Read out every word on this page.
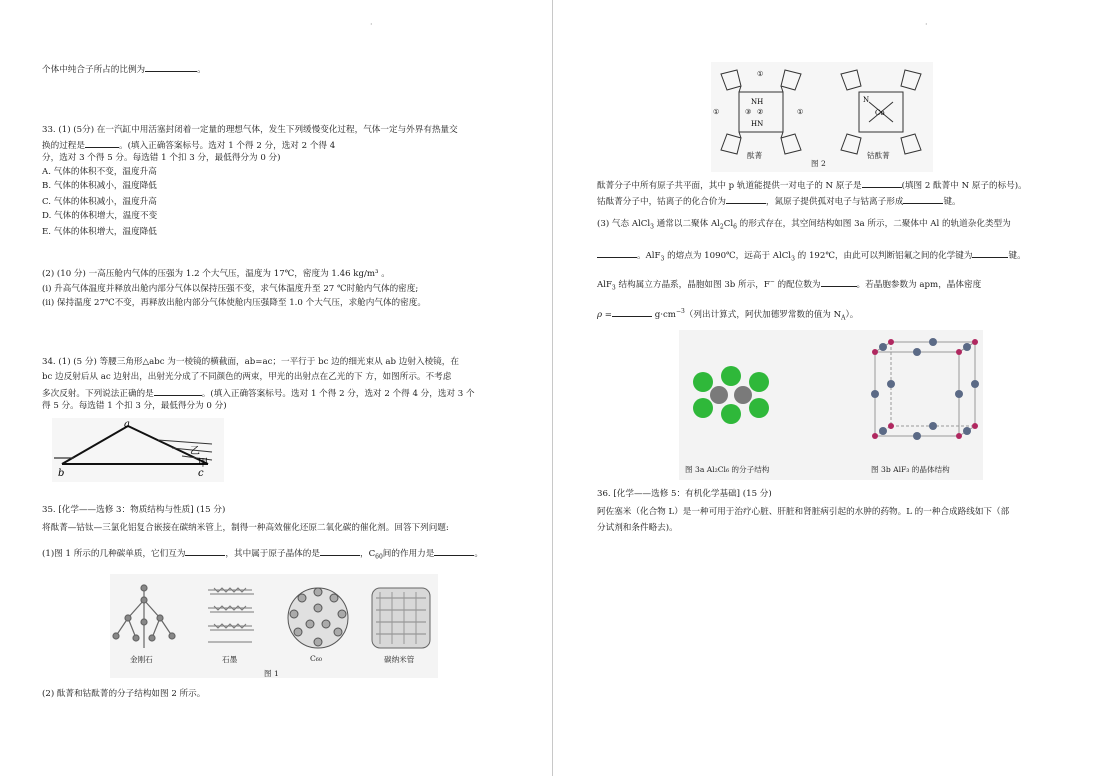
·
个体中纯合子所占的比例为	。
33. (1) (5分) 在一汽缸中用活塞封闭着一定量的理想气体，发生下列缓慢变化过程，气体一定与外界有热量交
换的过程是	。(填入正确答案标号。选对 1 个得 2 分，选对 2 个得 4
分，选对 3 个得 5 分。每选错 1 个扣 3 分，最低得分为 0 分)
A. 气体的体积不变，温度升高
B. 气体的体积减小，温度降低
C. 气体的体积减小，温度升高
D. 气体的体积增大，温度不变
E. 气体的体积增大，温度降低
(2) (10 分) 一高压舱内气体的压强为 1.2 个大气压，温度为 17℃，密度为 1.46 kg/m³ 。
(i) 升高气体温度并释放出舱内部分气体以保持压强不变，求气体温度升至 27 ℃时舱内气体的密度;
(ii) 保持温度 27℃不变，再释放出舱内部分气体使舱内压强降至 1.0 个大气压，求舱内气体的密度。
34. (1) (5 分) 等腰三角形△abc 为一棱镜的横截面，ab=ac；一平行于 bc 边的细光束从 ab 边射入棱镜，在
bc 边反射后从 ac 边射出，出射光分成了不同颜色的两束，甲光的出射点在乙光的下 方，如图所示。不考虑
多次反射。下列说法正确的是	。(填入正确答案标号。选对 1 个得 2 分，选对 2 个得 4 分，选对 3 个
得 5 分。每选错 1 个扣 3 分，最低得分为 0 分)
a
b	c
乙
甲
35. [化学——选修 3：物质结构与性质] (15 分)
将酞菁—钴钛—三氯化铝复合嵌接在碳纳米管上，制得一种高效催化还原二氧化碳的催化剂。回答下列问题:
(1)图 1 所示的几种碳单质，它们互为	，其中属于原子晶体的是	，$C_{60}$间的作用力是	。
金刚石	石墨	C₆₀	碳纳米管
图 1
(2) 酞菁和钴酞菁的分子结构如图 2 所示。
·
NH
HN
①
②
③
①	①	Co
N
酞菁
图 2
钴酞菁
酞菁分子中所有原子共平面，其中 p 轨道能提供一对电子的 N 原子是	(填图 2 酞菁中 N 原子的标号)。
钴酞菁分子中，钴离子的化合价为	，氮原子提供孤对电子与钴离子形成	键。
(3) 气态 AlCl$_3$ 通常以二聚体 $Al_2Cl_6$ 的形式存在，其空间结构如图 3a 所示，二聚体中 Al 的轨道杂化类型为
。AlF$_3$ 的熔点为 1090℃，远高于 AlCl$_3$ 的 192℃，由此可以判断铝氟之间的化学键为	键。
AlF$_3$ 结构属立方晶系，晶胞如图 3b 所示，F− 的配位数为	。若晶胞参数为 apm，晶体密度
ρ =	$g\cdot cm^{-3}$（列出计算式，阿伏加德罗常数的值为 $N_A$）。
图 3a Al₂Cl₆ 的分子结构	图 3b AlF₃ 的晶体结构
36. [化学——选修 5：有机化学基础] (15 分)
阿佐塞米（化合物 L）是一种可用于治疗心脏、肝脏和肾脏病引起的水肿的药物。L 的一种合成路线如下（部
分试剂和条件略去)。
